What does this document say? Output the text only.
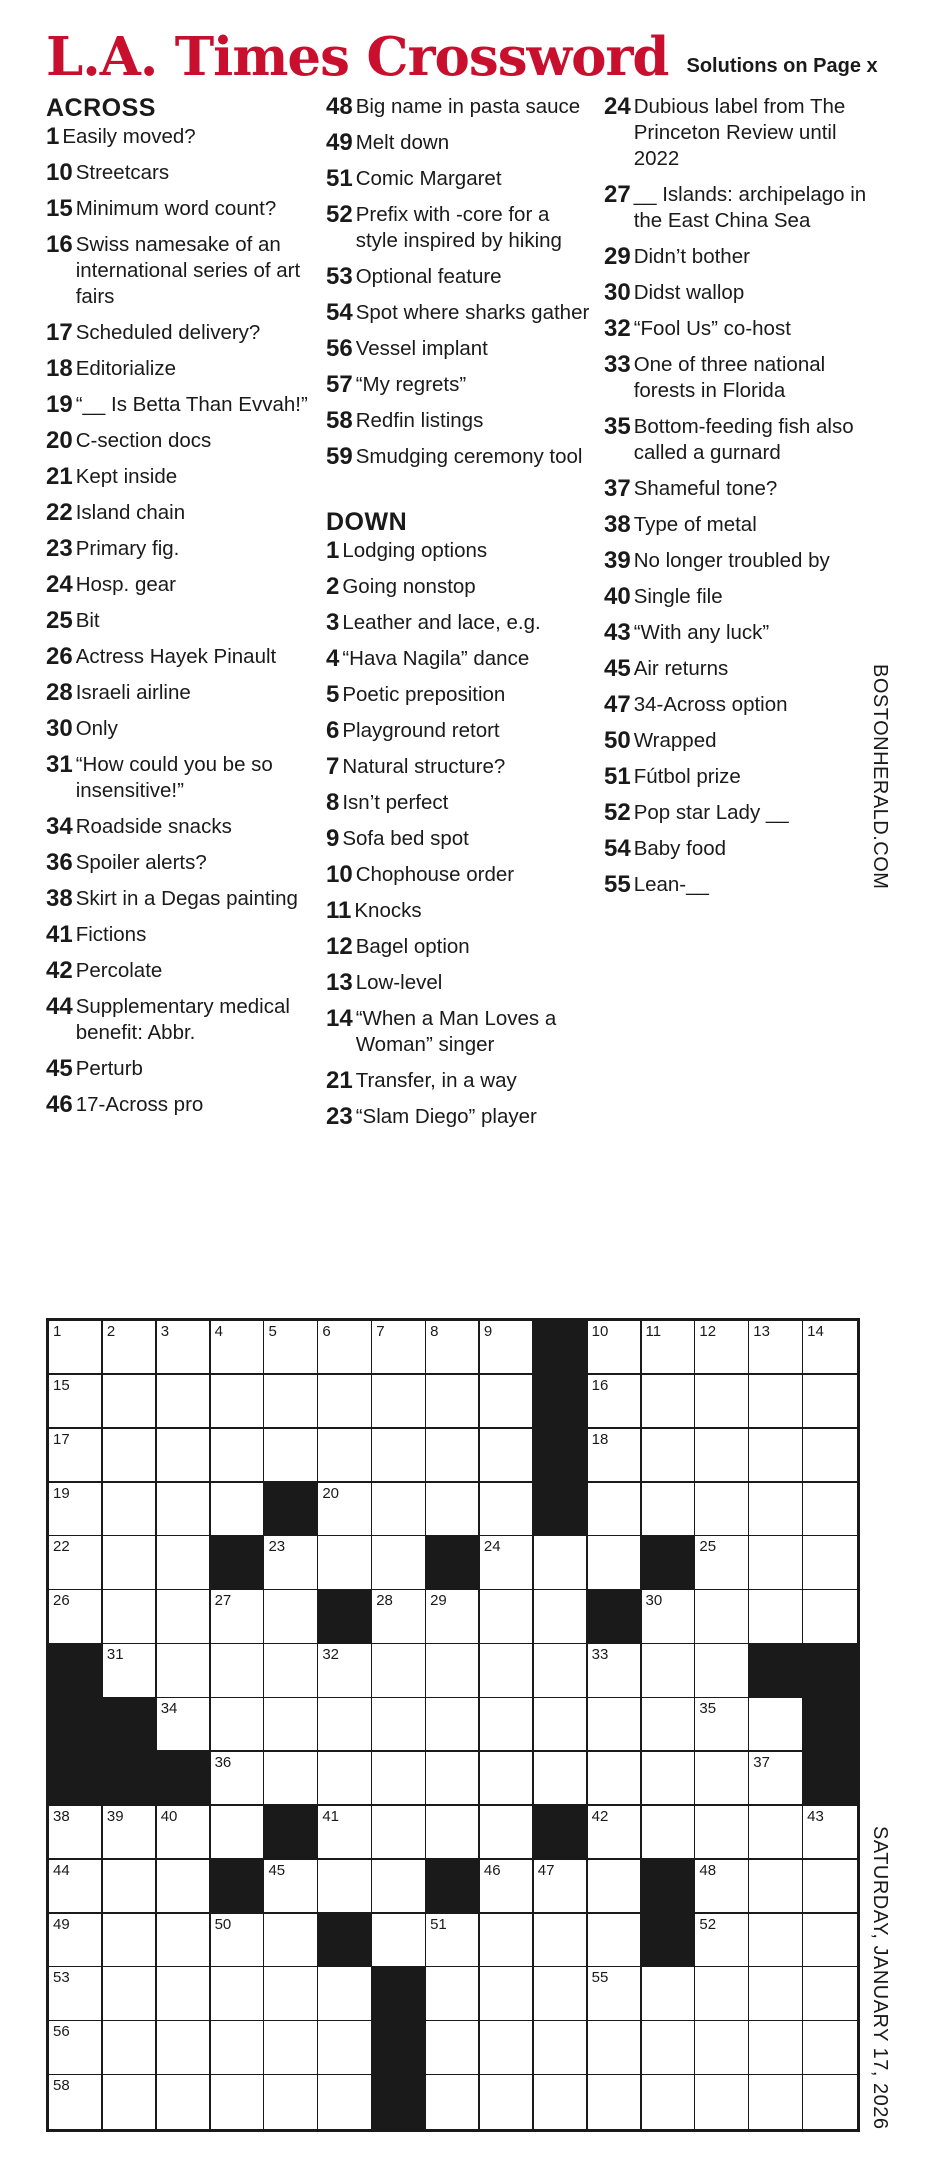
L.A. Times Crossword Solutions on Page x
ACROSS
1 Easily moved?
10 Streetcars
15 Minimum word count?
16 Swiss namesake of an international series of art fairs
17 Scheduled delivery?
18 Editorialize
19 “__ Is Betta Than Evvah!”
20 C-section docs
21 Kept inside
22 Island chain
23 Primary fig.
24 Hosp. gear
25 Bit
26 Actress Hayek Pinault
28 Israeli airline
30 Only
31 “How could you be so insensitive!”
34 Roadside snacks
36 Spoiler alerts?
38 Skirt in a Degas painting
41 Fictions
42 Percolate
44 Supplementary medical benefit: Abbr.
45 Perturb
46 17-Across pro
48 Big name in pasta sauce
49 Melt down
51 Comic Margaret
52 Prefix with -core for a style inspired by hiking
53 Optional feature
54 Spot where sharks gather
56 Vessel implant
57 “My regrets”
58 Redfin listings
59 Smudging ceremony tool
DOWN
1 Lodging options
2 Going nonstop
3 Leather and lace, e.g.
4 “Hava Nagila” dance
5 Poetic preposition
6 Playground retort
7 Natural structure?
8 Isn’t perfect
9 Sofa bed spot
10 Chophouse order
11 Knocks
12 Bagel option
13 Low-level
14 “When a Man Loves a Woman” singer
21 Transfer, in a way
23 “Slam Diego” player
24 Dubious label from The Princeton Review until 2022
27 __ Islands: archipelago in the East China Sea
29 Didn’t bother
30 Didst wallop
32 “Fool Us” co-host
33 One of three national forests in Florida
35 Bottom-feeding fish also called a gurnard
37 Shameful tone?
38 Type of metal
39 No longer troubled by
40 Single file
43 “With any luck”
45 Air returns
47 34-Across option
50 Wrapped
51 Fútbol prize
52 Pop star Lady __
54 Baby food
55 Lean-__
1	2	3	4	5	6	7	8	9	10 11	12 13 14
15	16
17	18
19	20	21
22	23	24	25
26	27	28 29	30
31	32	33
34	35
36	37
38 39 40	41	42	43
44	45	46 47	48
49	50	51	52
53	54	55
56	57
58	59
BOSTONHERALD.COM
SATURDAY, JANUARY 17, 2026
